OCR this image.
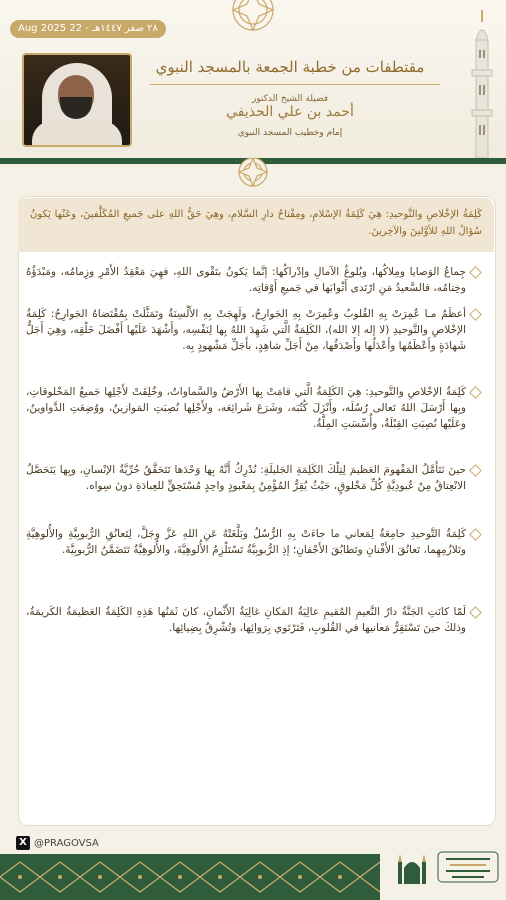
٢٨ صفر ١٤٤٧هـ - 22 Aug 2025
مقتطفات من خطبة الجمعة بالمسجد النبوي
فضيلة الشيخ الدكتور
أحمد بن علي الحذيفي
إمام وخطيب المسجد النبوي
كَلِمَةُ الإخْلاصِ والتَّوحيدِ: هِيَ كَلِمَةُ الإسْلامِ، ومِفْتاحُ دارِ السَّلامِ، وهِيَ حَقُّ اللهِ على جَميعِ المُكَلَّفينَ، وعَنْها يَكونُ سُؤالُ اللهِ للأوَّلينَ والآخِرينَ.
جِماعُ الوَصايا ومِلاكُها، وبُلوغُ الآمالِ وإدْراكُها: إنَّما يَكونُ بتَقْوى اللهِ، فهِيَ مَعْقِدُ الأَمْرِ وزِمامُه، ومَبْدَؤُهُ وخِتامُه، فالسَّعيدُ مَنِ ارْتَدى أَثْوابَها في جَميعِ أَوْقاتِه.
أعظَمُ مـا عُمِرَتْ بِهِ القُلوبُ وعُمِرَتْ بِهِ الجَوارِحُ، ولَهِجَتْ بِهِ الأَلْسِنَةُ وتَمَثَّلَتْ بِمُقْتَضاهُ الجَوارِحُ: كَلِمَةُ الإخْلاصِ والتَّوحيدِ (لا إله إلا الله)، الكَلِمَةُ الَّتي شَهِدَ اللهُ بِها لِنَفْسِه، وأَشْهَدَ عَلَيْها أَفْضَلَ خَلْقِه، وهِيَ أَجَلُّ شَهادَةٍ وأَعْظَمُها وأَعْدَلُها وأَصْدَقُها، مِنْ أَجَلِّ شاهِدٍ، بأَجَلِّ مَشْهودٍ بِه.
كَلِمَةُ الإخْلاصِ والتَّوحيدِ: هِيَ الكَلِمَةُ الَّتي قامَتْ بِها الأَرْضُ والسَّماواتُ، وخُلِقَتْ لأَجْلِها جَميعُ المَخْلوقاتِ، وبِها أَرْسَلَ اللهُ تَعالى رُسُلَه، وأَنْزَلَ كُتُبَه، وشَرَعَ شَرائِعَه، ولأَجْلِها نُصِبَتِ المَوازينُ، ووُضِعَتِ الدَّواوينُ، وعَلَيْها نُصِبَتِ القِبْلَةُ، وأُسِّسَتِ المِلَّةُ.
حينَ نَتَأَمَّلُ المَفْهومَ العَظيمَ لِتِلْكَ الكَلِمَةِ الجَليلَةِ: نُدْرِكُ أَنَّهُ بِها وَحْدَها تَتَحَقَّقُ حُرِّيَّةُ الإنْسانِ، وبِها يَتَحَصَّلُ الانْعِتاقُ مِنْ عُبودِيَّةِ كُلِّ مَخْلوقٍ، حَيْثُ يُقِرُّ المُؤْمِنُ بِمَعْبودٍ واحِدٍ مُسْتَحِقٍّ للعِبادَةِ دونَ سِواه.
كَلِمَةُ التَّوحيدِ جامِعَةٌ لِمَعاني ما جاءَتْ بِهِ الرُّسُلُ وبَلَّغَتْهُ عَنِ اللهِ عَزَّ وجَلَّ، لِتَعانُقِ الرُّبوبِيَّةِ والأُلوهِيَّةِ وتَلازُمِهِما، تَعانُقَ الأَفْنانِ وتَطابُقَ الأَجْفانِ؛ إذِ الرُّبوبِيَّةُ تَسْتَلْزِمُ الأُلوهِيَّةَ، والأُلوهِيَّةُ تَتَضَمَّنُ الرُّبوبِيَّةَ.
لَمّا كانَتِ الجَنَّةُ دارُ النَّعيمِ المُقيمِ عالِيَةُ المَكانِ غالِيَةُ الأَثْمانِ، كانَ ثَمَنُها هَذِهِ الكَلِمَةُ العَظيمَةُ الكَريمَةُ، وذلكَ حينَ تَسْتَقِرُّ مَعانيها في القُلوبِ، فَتَرْتَوي بِرَوائِها، وتُشْرِقُ بِضِيائِها.
X @PRAGOVSA
